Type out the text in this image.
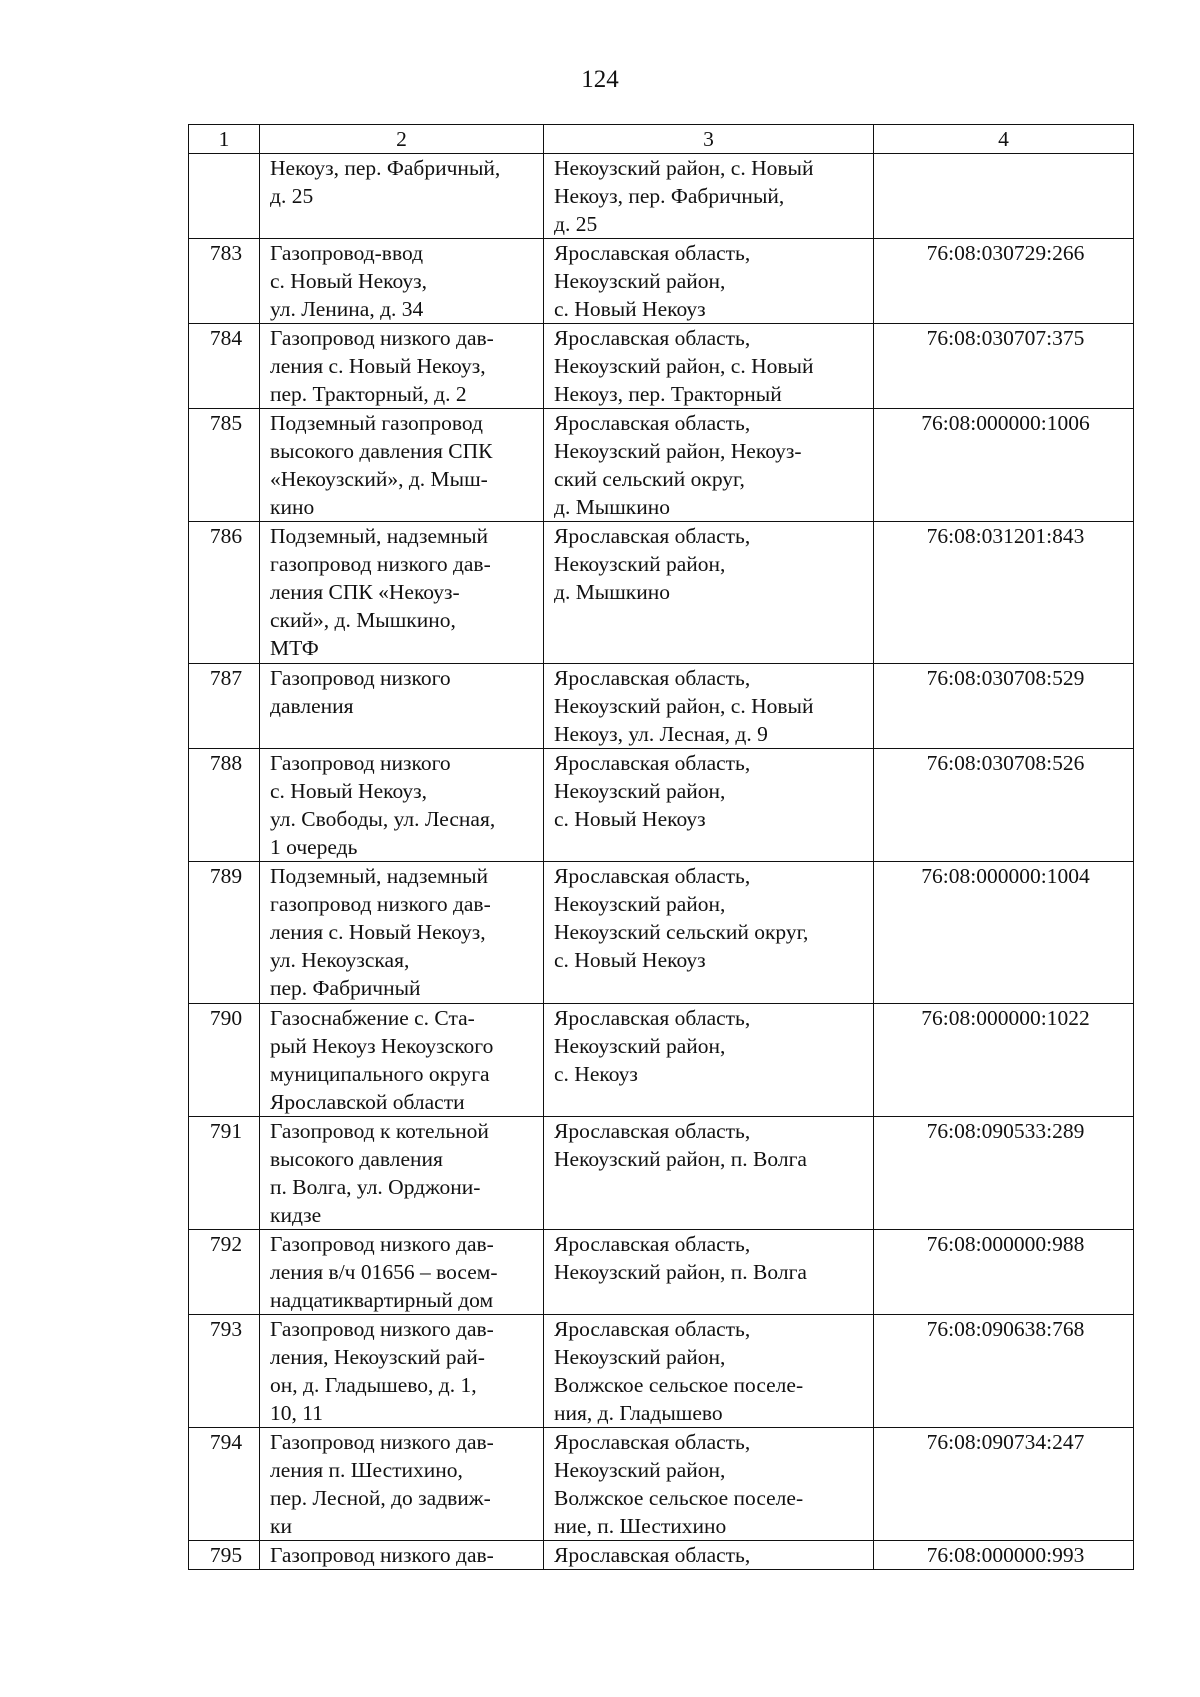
124
1	2	3	4
	Некоуз, пер. Фабричный,
д. 25	Некоузский район, с. Новый
Некоуз, пер. Фабричный,
д. 25	
783	Газопровод-ввод
с. Новый Некоуз,
ул. Ленина, д. 34	Ярославская область,
Некоузский район,
с. Новый Некоуз	76:08:030729:266
784	Газопровод низкого дав-
ления с. Новый Некоуз,
пер. Тракторный, д. 2	Ярославская область,
Некоузский район, с. Новый
Некоуз, пер. Тракторный	76:08:030707:375
785	Подземный газопровод
высокого давления СПК
«Некоузский», д. Мыш-
кино	Ярославская область,
Некоузский район, Некоуз-
ский сельский округ,
д. Мышкино	76:08:000000:1006
786	Подземный, надземный
газопровод низкого дав-
ления СПК «Некоуз-
ский», д. Мышкино,
МТФ	Ярославская область,
Некоузский район,
д. Мышкино	76:08:031201:843
787	Газопровод низкого
давления	Ярославская область,
Некоузский район, с. Новый
Некоуз, ул. Лесная, д. 9	76:08:030708:529
788	Газопровод низкого
с. Новый Некоуз,
ул. Свободы, ул. Лесная,
1 очередь	Ярославская область,
Некоузский район,
с. Новый Некоуз	76:08:030708:526
789	Подземный, надземный
газопровод низкого дав-
ления с. Новый Некоуз,
ул. Некоузская,
пер. Фабричный	Ярославская область,
Некоузский район,
Некоузский сельский округ,
с. Новый Некоуз	76:08:000000:1004
790	Газоснабжение с. Ста-
рый Некоуз Некоузского
муниципального округа
Ярославской области	Ярославская область,
Некоузский район,
с. Некоуз	76:08:000000:1022
791	Газопровод к котельной
высокого давления
п. Волга, ул. Орджони-
кидзе	Ярославская область,
Некоузский район, п. Волга	76:08:090533:289
792	Газопровод низкого дав-
ления в/ч 01656 – восем-
надцатиквартирный дом	Ярославская область,
Некоузский район, п. Волга	76:08:000000:988
793	Газопровод низкого дав-
ления, Некоузский рай-
он, д. Гладышево, д. 1,
10, 11	Ярославская область,
Некоузский район,
Волжское сельское поселе-
ния, д. Гладышево	76:08:090638:768
794	Газопровод низкого дав-
ления п. Шестихино,
пер. Лесной, до задвиж-
ки	Ярославская область,
Некоузский район,
Волжское сельское поселе-
ние, п. Шестихино	76:08:090734:247
795	Газопровод низкого дав-	Ярославская область,	76:08:000000:993
